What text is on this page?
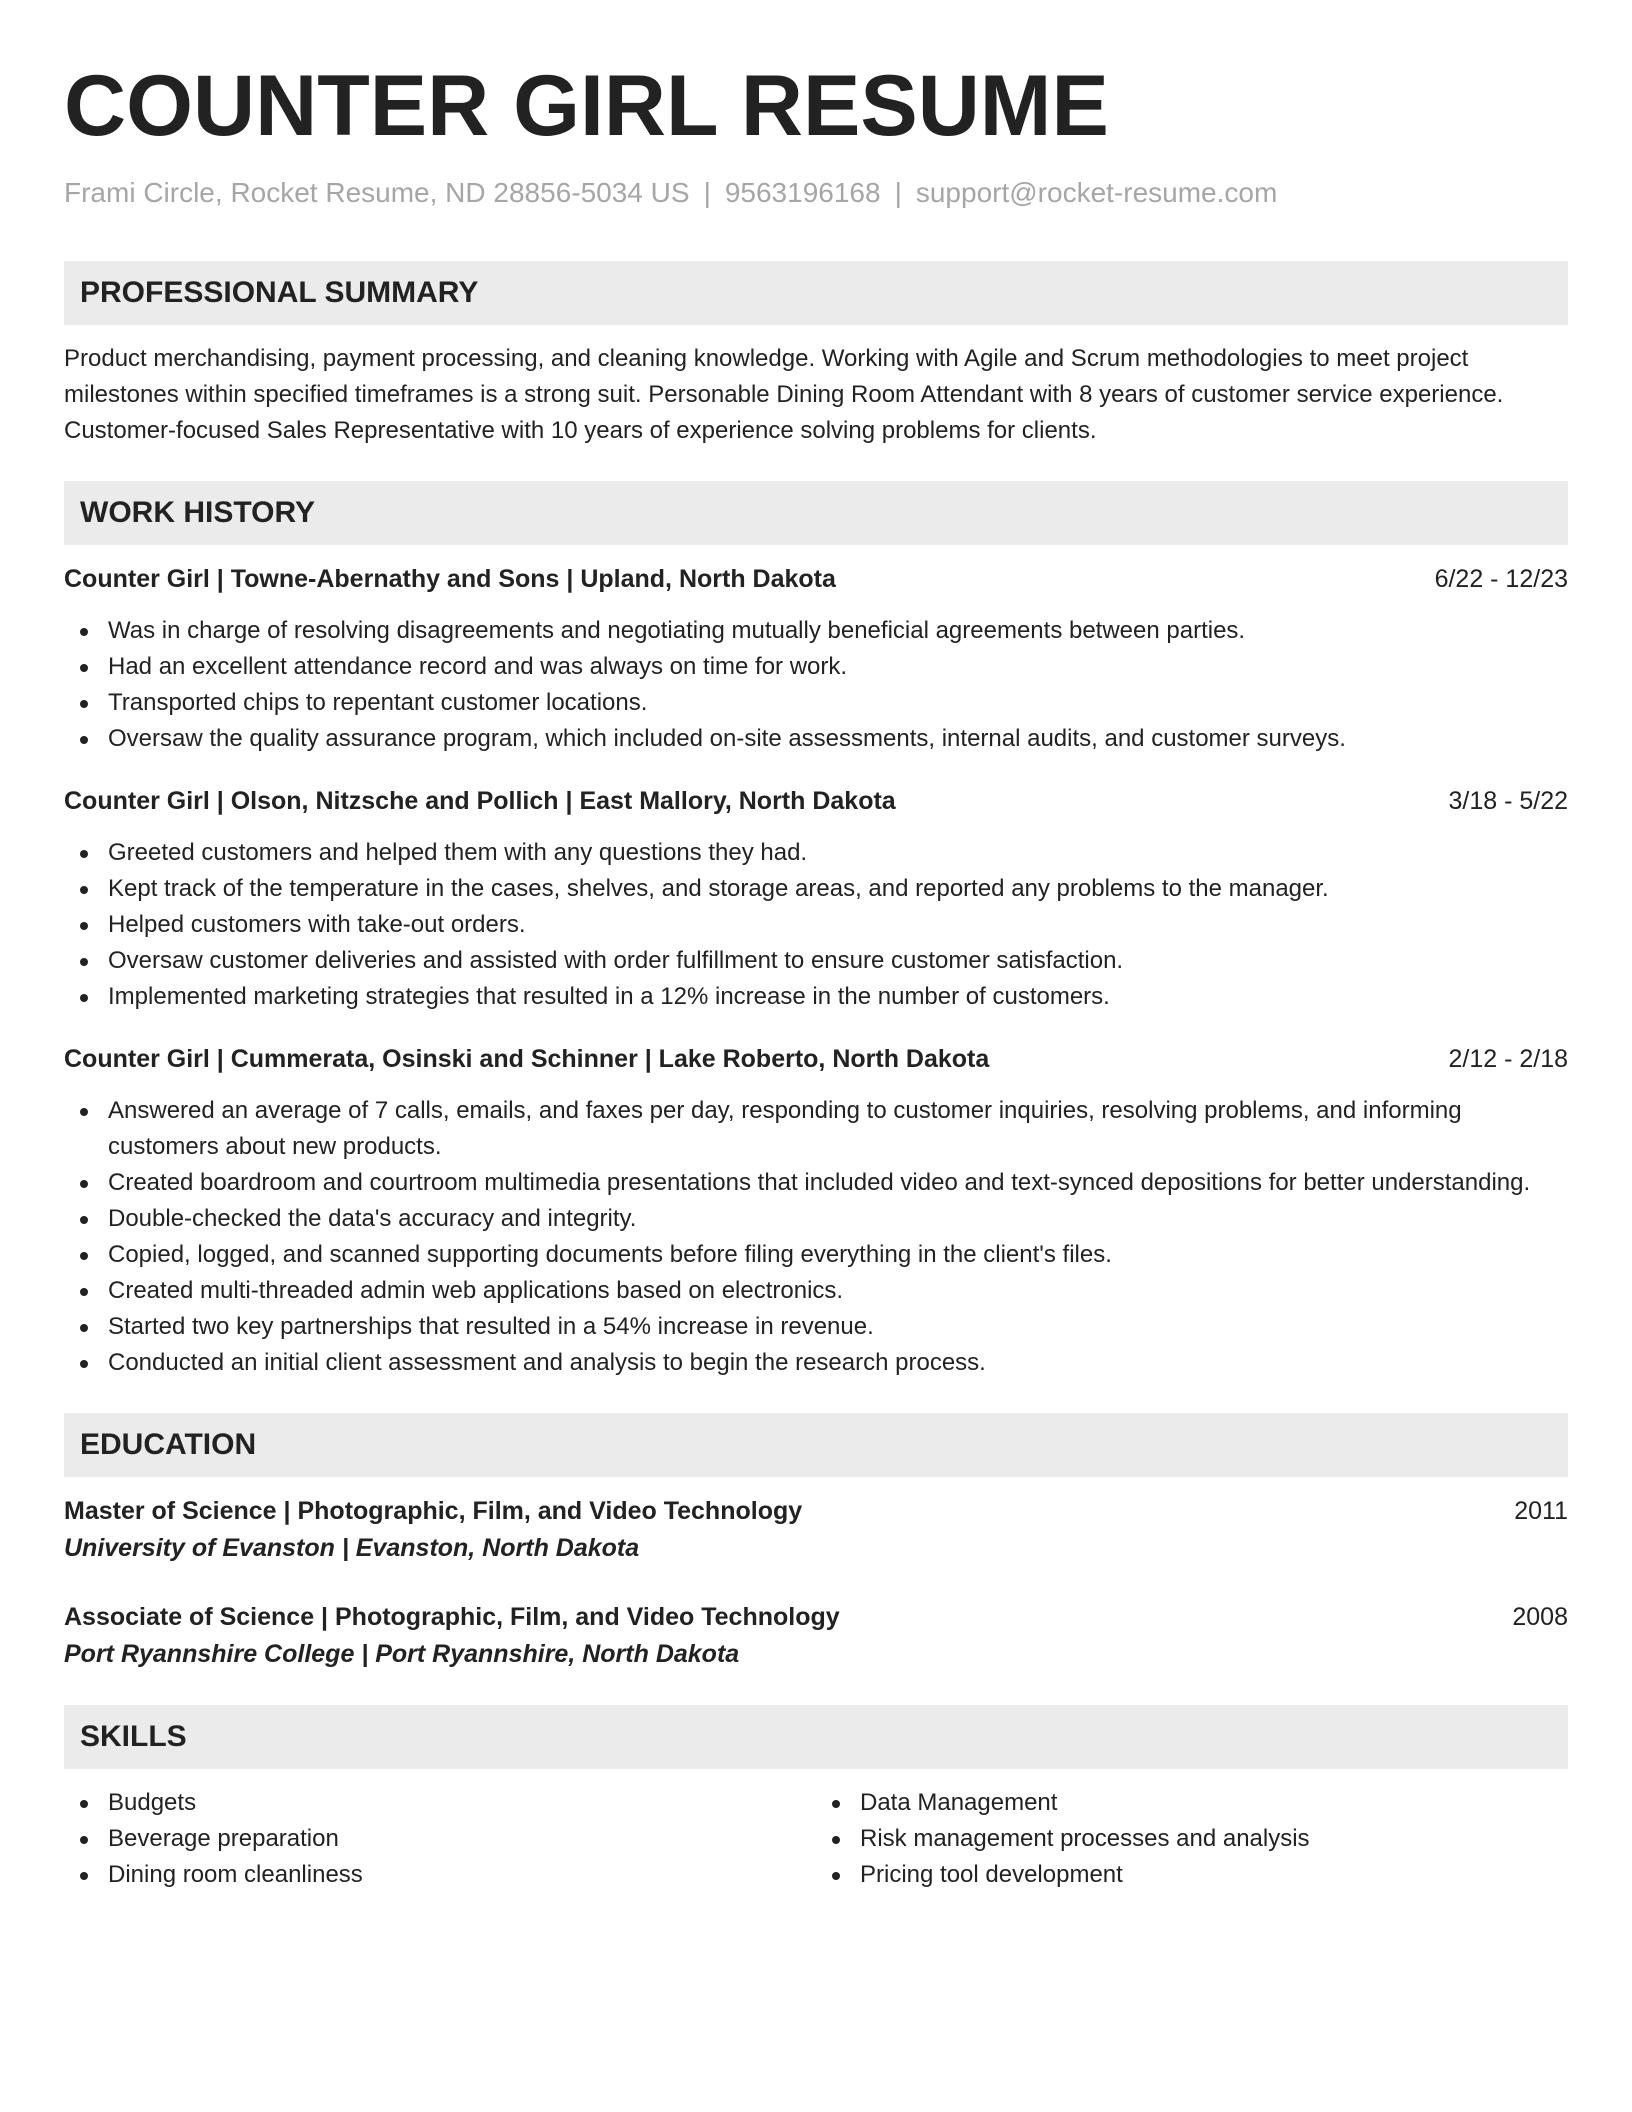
COUNTER GIRL RESUME
Frami Circle, Rocket Resume, ND 28856-5034 US | 9563196168 | support@rocket-resume.com
PROFESSIONAL SUMMARY
Product merchandising, payment processing, and cleaning knowledge. Working with Agile and Scrum methodologies to meet project milestones within specified timeframes is a strong suit. Personable Dining Room Attendant with 8 years of customer service experience. Customer-focused Sales Representative with 10 years of experience solving problems for clients.
WORK HISTORY
Counter Girl | Towne-Abernathy and Sons | Upland, North Dakota	6/22 - 12/23
Was in charge of resolving disagreements and negotiating mutually beneficial agreements between parties.
Had an excellent attendance record and was always on time for work.
Transported chips to repentant customer locations.
Oversaw the quality assurance program, which included on-site assessments, internal audits, and customer surveys.
Counter Girl | Olson, Nitzsche and Pollich | East Mallory, North Dakota	3/18 - 5/22
Greeted customers and helped them with any questions they had.
Kept track of the temperature in the cases, shelves, and storage areas, and reported any problems to the manager.
Helped customers with take-out orders.
Oversaw customer deliveries and assisted with order fulfillment to ensure customer satisfaction.
Implemented marketing strategies that resulted in a 12% increase in the number of customers.
Counter Girl | Cummerata, Osinski and Schinner | Lake Roberto, North Dakota	2/12 - 2/18
Answered an average of 7 calls, emails, and faxes per day, responding to customer inquiries, resolving problems, and informing customers about new products.
Created boardroom and courtroom multimedia presentations that included video and text-synced depositions for better understanding.
Double-checked the data's accuracy and integrity.
Copied, logged, and scanned supporting documents before filing everything in the client's files.
Created multi-threaded admin web applications based on electronics.
Started two key partnerships that resulted in a 54% increase in revenue.
Conducted an initial client assessment and analysis to begin the research process.
EDUCATION
Master of Science | Photographic, Film, and Video Technology	2011
University of Evanston | Evanston, North Dakota
Associate of Science | Photographic, Film, and Video Technology	2008
Port Ryannshire College | Port Ryannshire, North Dakota
SKILLS
Budgets
Beverage preparation
Dining room cleanliness
Data Management
Risk management processes and analysis
Pricing tool development
